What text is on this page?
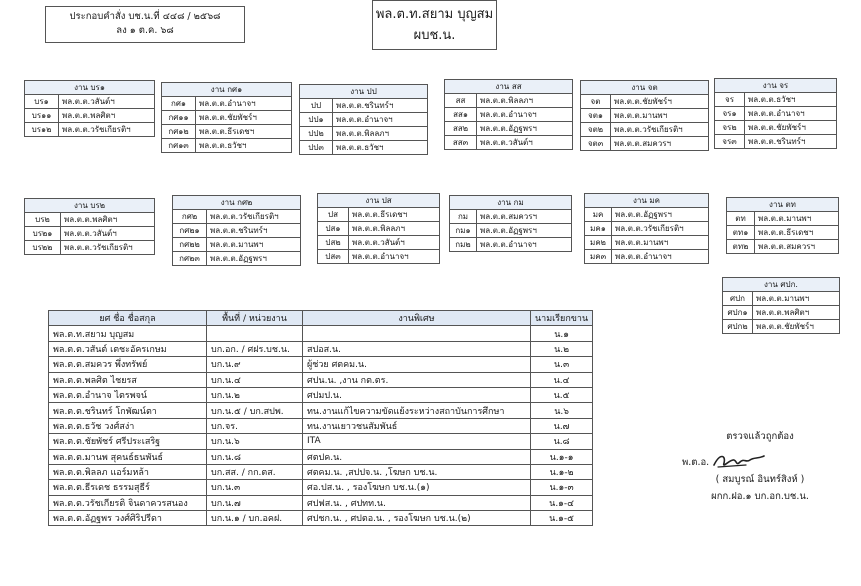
ประกอบคำสั่ง บช.น.ที่ ๔๔๘ / ๒๕๖๘
ลง ๑ ต.ค. ๖๘
พล.ต.ท.สยาม บุญสม
ผบช.น.
งาน บร๑	
บร๑	พล.ต.ต.วสันต์ฯ
บร๑๑	พล.ต.ต.พลศิตฯ
บร๑๒	พล.ต.ต.วรัชเกียรติฯ
งาน กศ๑	
กศ๑	พล.ต.ต.อำนาจฯ
กศ๑๑	พล.ต.ต.ชัยพัชร์ฯ
กศ๑๒	พล.ต.ต.ธีรเดชฯ
กศ๑๓	พล.ต.ต.ธวัชฯ
งาน ปป	
ปป	พล.ต.ต.ชรินทร์ฯ
ปป๑	พล.ต.ต.อำนาจฯ
ปป๒	พล.ต.ต.พิลลภฯ
ปป๓	พล.ต.ต.ธวัชฯ
งาน สส	
สส	พล.ต.ต.พิลลภฯ
สส๑	พล.ต.ต.อำนาจฯ
สส๒	พล.ต.ต.อัฏฐพรฯ
สส๓	พล.ต.ต.วสันต์ฯ
งาน จต	
จต	พล.ต.ต.ชัยพัชร์ฯ
จต๑	พล.ต.ต.มานพฯ
จต๒	พล.ต.ต.วรัชเกียรติฯ
จต๓	พล.ต.ต.สมควรฯ
งาน จร	
จร	พล.ต.ต.ธวัชฯ
จร๑	พล.ต.ต.อำนาจฯ
จร๒	พล.ต.ต.ชัยพัชร์ฯ
จร๓	พล.ต.ต.ชรินทร์ฯ
งาน บร๒	
บร๒	พล.ต.ต.พลศิตฯ
บร๒๑	พล.ต.ต.วสันต์ฯ
บร๒๒	พล.ต.ต.วรัชเกียรติฯ
งาน กศ๒	
กศ๒	พล.ต.ต.วรัชเกียรติฯ
กศ๒๑	พล.ต.ต.ชรินทร์ฯ
กศ๒๒	พล.ต.ต.มานพฯ
กศ๒๓	พล.ต.ต.อัฏฐพรฯ
งาน ปส	
ปส	พล.ต.ต.ธีรเดชฯ
ปส๑	พล.ต.ต.พิลลภฯ
ปส๒	พล.ต.ต.วสันต์ฯ
ปส๓	พล.ต.ต.อำนาจฯ
งาน กม	
กม	พล.ต.ต.สมควรฯ
กม๑	พล.ต.ต.อัฏฐพรฯ
กม๒	พล.ต.ต.อำนาจฯ
งาน มค	
มค	พล.ต.ต.อัฏฐพรฯ
มค๑	พล.ต.ต.วรัชเกียรติฯ
มค๒	พล.ต.ต.มานพฯ
มค๓	พล.ต.ต.อำนาจฯ
งาน ตท	
ตท	พล.ต.ต.มานพฯ
ตท๑	พล.ต.ต.ธีรเดชฯ
ตท๒	พล.ต.ต.สมควรฯ
งาน ศปก.	
ศปก	พล.ต.ต.มานพฯ
ศปก๑	พล.ต.ต.พลศิตฯ
ศปก๒	พล.ต.ต.ชัยพัชร์ฯ
ยศ ชื่อ ชื่อสกุล	พื้นที่ / หน่วยงาน	งานพิเศษ	นามเรียกขาน
พล.ต.ท.สยาม บุญสม			น.๑
พล.ต.ต.วสันต์ เตชะอัครเกษม	บก.อก. / ศฝร.บช.น.	สปอส.น.	น.๒
พล.ต.ต.สมควร พึ่งทรัพย์	บก.น.๙	ผู้ช่วย ศตคม.น.	น.๓
พล.ต.ต.พลศิต ไชยรส	บก.น.๔	ศปน.น. ,งาน กต.ตร.	น.๔
พล.ต.ต.อำนาจ ไตรพจน์	บก.น.๒	ศปมป.น.	น.๕
พล.ต.ต.ชรินทร์ โกพัฒน์ตา	บก.น.๕ / บก.สปพ.	ทน.งานแก้ไขความขัดแย้งระหว่างสถาบันการศึกษา	น.๖
พล.ต.ต.ธวัช วงศ์สง่า	บก.จร.	ทน.งานเยาวชนสัมพันธ์	น.๗
พล.ต.ต.ชัยพัชร์ ศรีประเสริฐ	บก.น.๖	ITA	น.๘
พล.ต.ต.มานพ สุคนธ์ธนพันธ์	บก.น.๘	ศตปค.น.	น.๑-๑
พล.ต.ต.พิลลภ แอร์มหล้า	บก.สส. / กก.ตส.	ศตคม.น. ,สปปจ.น. ,โฆษก บช.น.	น.๑-๒
พล.ต.ต.ธีรเดช ธรรมสุธีร์	บก.น.๓	ศอ.ปส.น. , รองโฆษก บช.น.(๑)	น.๑-๓
พล.ต.ต.วรัชเกียรติ จินดาควรสนอง	บก.น.๗	ศปฟส.น. , ศปทท.น.	น.๑-๔
พล.ต.ต.อัฏฐพร วงศ์ศิริปรีดา	บก.น.๑ / บก.อคฝ.	ศปชก.น. , ศปตอ.น. , รองโฆษก บช.น.(๒)	น.๑-๕
ตรวจแล้วถูกต้อง
พ.ต.อ.
( สมบูรณ์ อินทร์สิงห์ )
ผกก.ฝอ.๑ บก.อก.บช.น.
